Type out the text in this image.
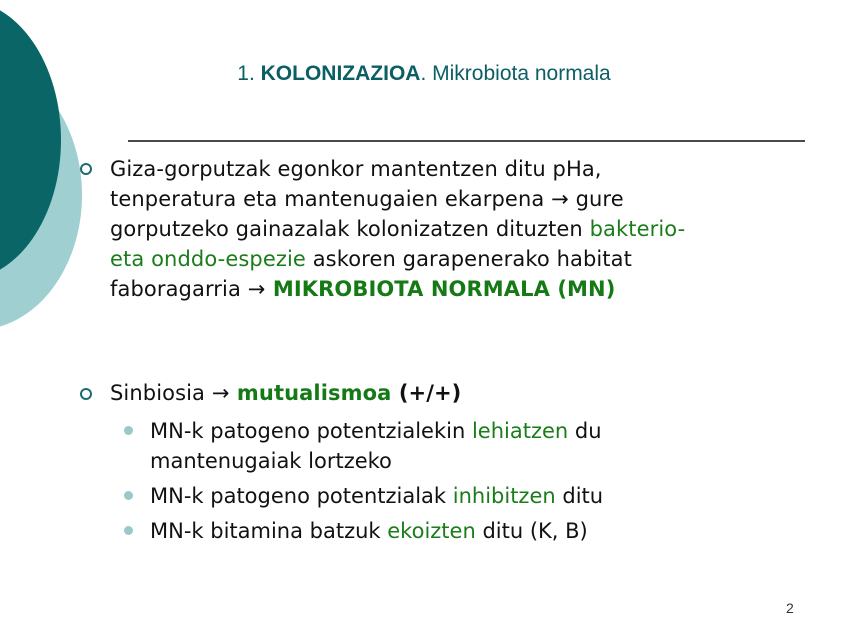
1. KOLONIZAZIOA. Mikrobiota normala
Giza-gorputzak egonkor mantentzen ditu pHa,
tenperatura eta mantenugaien ekarpena → gure
gorputzeko gainazalak kolonizatzen dituzten bakterio-
eta onddo-espezie askoren garapenerako habitat
faboragarria → MIKROBIOTA NORMALA (MN)
Sinbiosia → mutualismoa (+/+)
MN-k patogeno potentzialekin lehiatzen du
mantenugaiak lortzeko
MN-k patogeno potentzialak inhibitzen ditu
MN-k bitamina batzuk ekoizten ditu (K, B)
2
